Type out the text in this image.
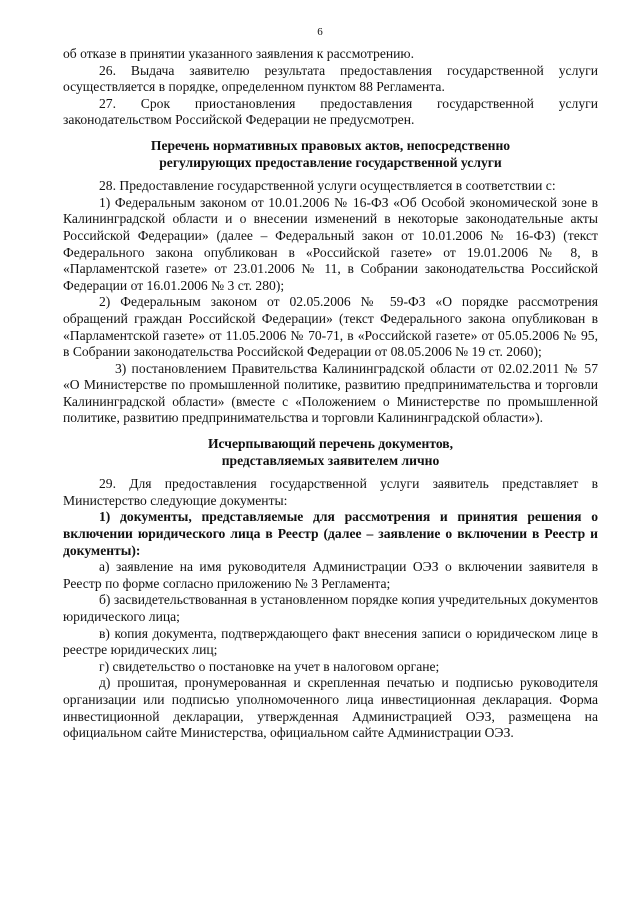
6

об отказе в принятии указанного заявления к рассмотрению.

26. Выдача заявителю результата предоставления государственной услуги осуществляется в порядке, определенном пунктом 88 Регламента.

27. Срок приостановления предоставления государственной услуги законодательством Российской Федерации не предусмотрен.

Перечень нормативных правовых актов, непосредственно
регулирующих предоставление государственной услуги

28. Предоставление государственной услуги осуществляется в соответствии с:

1) Федеральным законом от 10.01.2006 № 16-ФЗ «Об Особой экономической зоне в Калининградской области и о внесении изменений в некоторые законодательные акты Российской Федерации» (далее – Федеральный закон от 10.01.2006 № 16-ФЗ) (текст Федерального закона опубликован в «Российской газете» от 19.01.2006 № 8, в «Парламентской газете» от 23.01.2006 № 11, в Собрании законодательства Российской Федерации от 16.01.2006 № 3 ст. 280);

2) Федеральным законом от 02.05.2006 № 59-ФЗ «О порядке рассмотрения обращений граждан Российской Федерации» (текст Федерального закона опубликован в «Парламентской газете» от 11.05.2006 № 70-71, в «Российской газете» от 05.05.2006 № 95, в Собрании законодательства Российской Федерации от 08.05.2006 № 19 ст. 2060);

3) постановлением Правительства Калининградской области от 02.02.2011 № 57 «О Министерстве по промышленной политике, развитию предпринимательства и торговли Калининградской области» (вместе с «Положением о Министерстве по промышленной политике, развитию предпринимательства и торговли Калининградской области»).

Исчерпывающий перечень документов,
представляемых заявителем лично

29. Для предоставления государственной услуги заявитель представляет в Министерство следующие документы:

1) документы, представляемые для рассмотрения и принятия решения о включении юридического лица в Реестр (далее – заявление о включении в Реестр и документы):

а) заявление на имя руководителя Администрации ОЭЗ о включении заявителя в Реестр по форме согласно приложению № 3 Регламента;

б) засвидетельствованная в установленном порядке копия учредительных документов юридического лица;

в) копия документа, подтверждающего факт внесения записи о юридическом лице в реестре юридических лиц;

г) свидетельство о постановке на учет в налоговом органе;

д) прошитая, пронумерованная и скрепленная печатью и подписью руководителя организации или подписью уполномоченного лица инвестиционная декларация. Форма инвестиционной декларации, утвержденная Администрацией ОЭЗ, размещена на официальном сайте Министерства, официальном сайте Администрации ОЭЗ.
